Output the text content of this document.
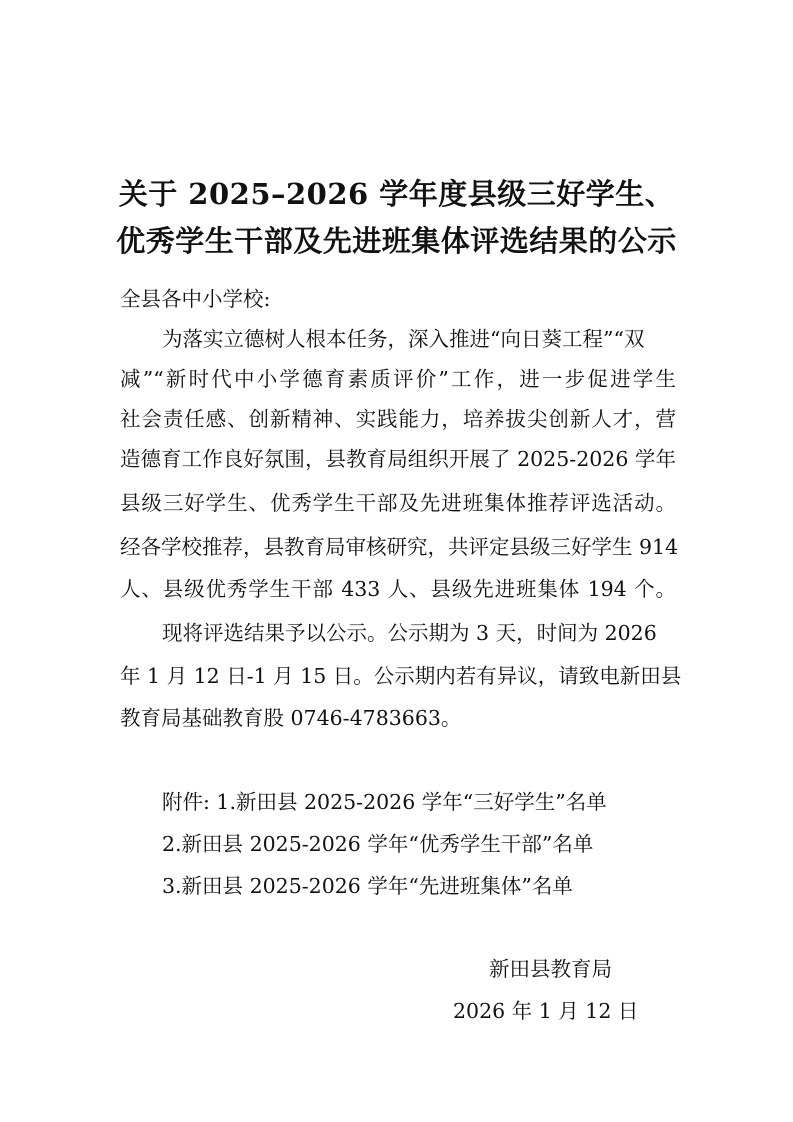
关于 2025–2026 学年度县级三好学生、
优秀学生干部及先进班集体评选结果的公示
全县各中小学校:
为落实立德树人根本任务，深入推进“向日葵工程”“双
减”“新时代中小学德育素质评价”工作，进一步促进学生
社会责任感、创新精神、实践能力，培养拔尖创新人才，营
造德育工作良好氛围，县教育局组织开展了 2025-2026 学年
县级三好学生、优秀学生干部及先进班集体推荐评选活动。
经各学校推荐，县教育局审核研究，共评定县级三好学生 914
人、县级优秀学生干部 433 人、县级先进班集体 194 个。
现将评选结果予以公示。公示期为 3 天，时间为 2026
年 1 月 12 日-1 月 15 日。公示期内若有异议，请致电新田县
教育局基础教育股 0746-4783663。
附件: 1.新田县 2025-2026 学年“三好学生”名单
2.新田县 2025-2026 学年“优秀学生干部”名单
3.新田县 2025-2026 学年“先进班集体”名单
新田县教育局
2026 年 1 月 12 日
